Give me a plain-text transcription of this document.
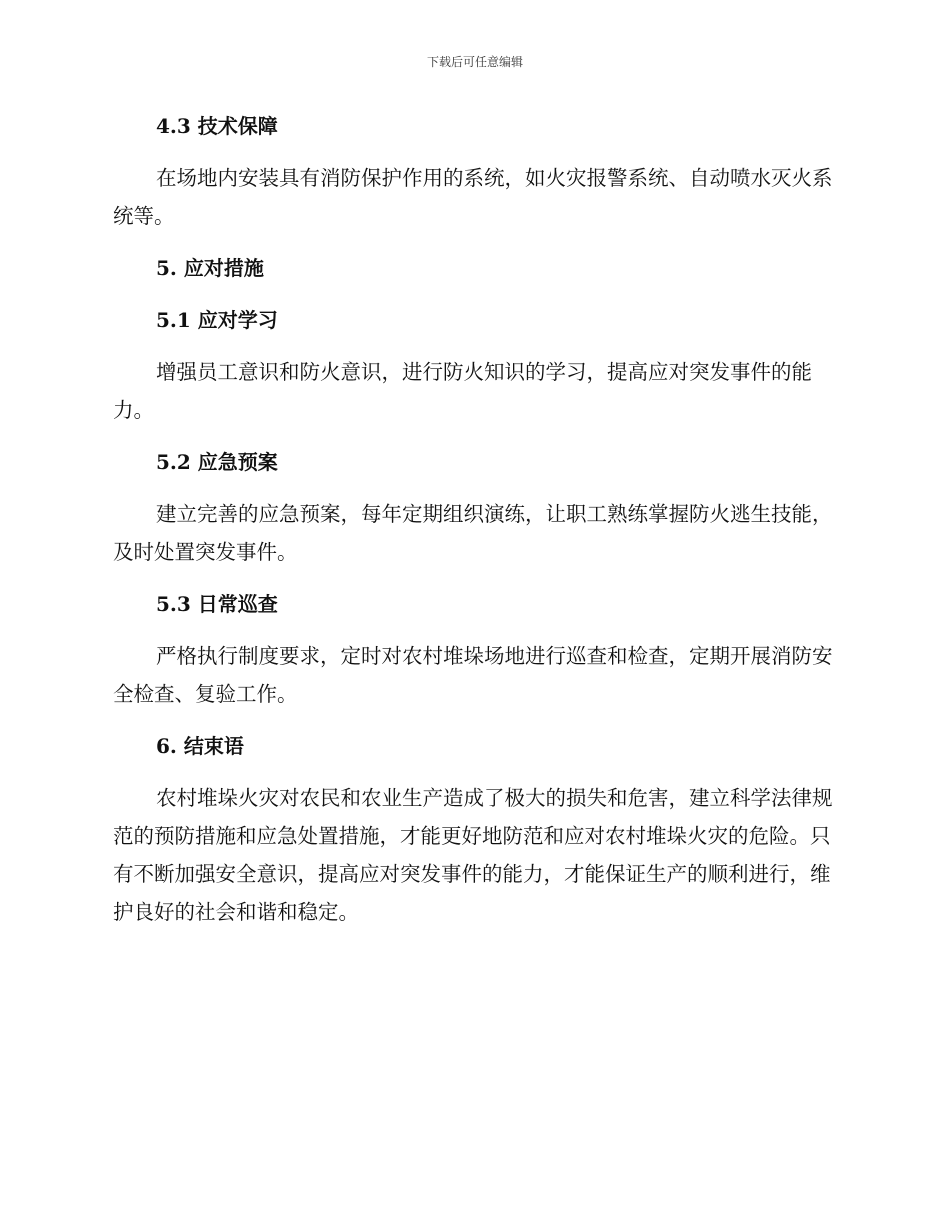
下载后可任意编辑
4.3 技术保障

在场地内安装具有消防保护作用的系统，如火灾报警系统、自动喷水灭火系统等。

5. 应对措施
5.1 应对学习

增强员工意识和防火意识，进行防火知识的学习，提高应对突发事件的能力。

5.2 应急预案

建立完善的应急预案，每年定期组织演练，让职工熟练掌握防火逃生技能，及时处置突发事件。

5.3 日常巡查

严格执行制度要求，定时对农村堆垛场地进行巡查和检查，定期开展消防安全检查、复验工作。

6. 结束语

农村堆垛火灾对农民和农业生产造成了极大的损失和危害，建立科学法律规范的预防措施和应急处置措施，才能更好地防范和应对农村堆垛火灾的危险。只有不断加强安全意识，提高应对突发事件的能力，才能保证生产的顺利进行，维护良好的社会和谐和稳定。
